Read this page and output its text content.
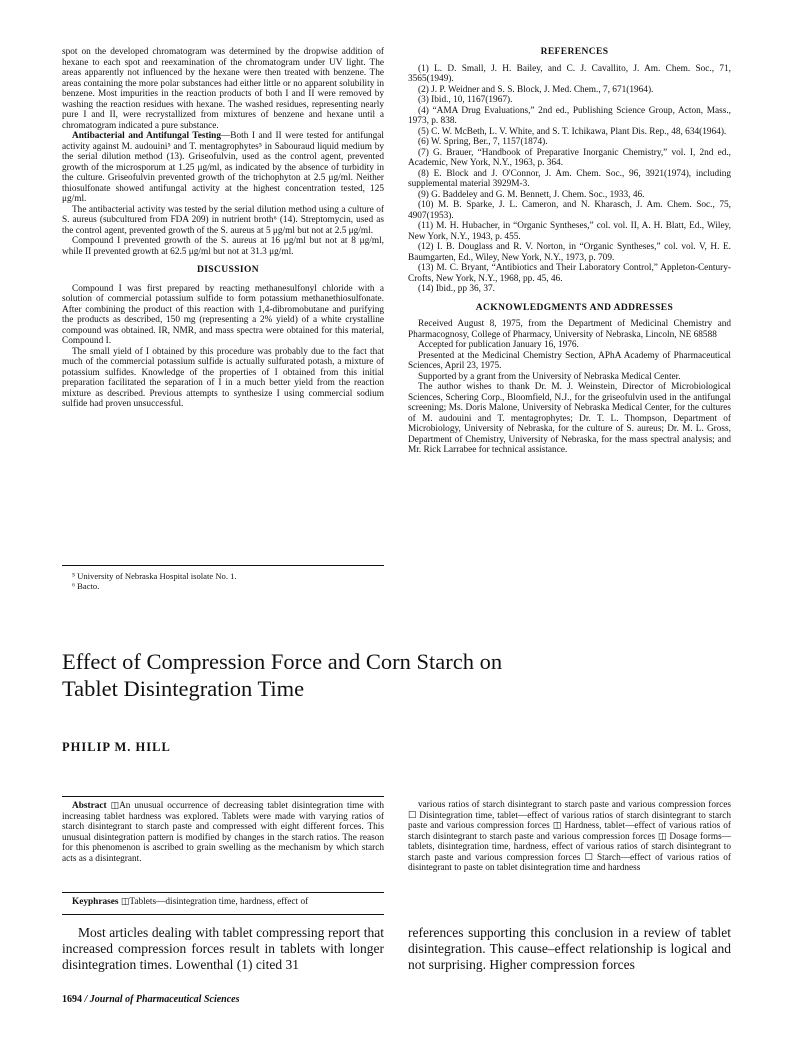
spot on the developed chromatogram was determined by the dropwise addition of hexane to each spot and reexamination of the chromatogram under UV light. The areas apparently not influenced by the hexane were then treated with benzene. The areas containing the more polar substances had either little or no apparent solubility in benzene. Most impurities in the reaction products of both I and II were removed by washing the reaction residues with hexane. The washed residues, representing nearly pure I and II, were recrystallized from mixtures of benzene and hexane until a chromatogram indicated a pure substance.

Antibacterial and Antifungal Testing—Both I and II were tested for antifungal activity against M. audouini⁵ and T. mentagrophytes⁵ in Sabouraud liquid medium by the serial dilution method (13). Griseofulvin, used as the control agent, prevented growth of the microsporum at 1.25 μg/ml, as indicated by the absence of turbidity in the culture. Griseofulvin prevented growth of the trichophyton at 2.5 μg/ml. Neither thiosulfonate showed antifungal activity at the highest concentration tested, 125 μg/ml.

The antibacterial activity was tested by the serial dilution method using a culture of S. aureus (subcultured from FDA 209) in nutrient broth⁶ (14). Streptomycin, used as the control agent, prevented growth of the S. aureus at 5 μg/ml but not at 2.5 μg/ml.

Compound I prevented growth of the S. aureus at 16 μg/ml but not at 8 μg/ml, while II prevented growth at 62.5 μg/ml but not at 31.3 μg/ml.

DISCUSSION

Compound I was first prepared by reacting methanesulfonyl chloride with a solution of commercial potassium sulfide to form potassium methanethiosulfonate. After combining the product of this reaction with 1,4-dibromobutane and purifying the products as described, 150 mg (representing a 2% yield) of a white crystalline compound was obtained. IR, NMR, and mass spectra were obtained for this material, Compound I.

The small yield of I obtained by this procedure was probably due to the fact that much of the commercial potassium sulfide is actually sulfurated potash, a mixture of potassium sulfides. Knowledge of the properties of I obtained from this initial preparation facilitated the separation of I in a much better yield from the reaction mixture as described. Previous attempts to synthesize I using commercial sodium sulfide had proven unsuccessful.

⁵ University of Nebraska Hospital isolate No. 1.

⁶ Bacto.

REFERENCES

(1) L. D. Small, J. H. Bailey, and C. J. Cavallito, J. Am. Chem. Soc., 71, 3565(1949).

(2) J. P. Weidner and S. S. Block, J. Med. Chem., 7, 671(1964).

(3) Ibid., 10, 1167(1967).

(4) “AMA Drug Evaluations,” 2nd ed., Publishing Science Group, Acton, Mass., 1973, p. 838.

(5) C. W. McBeth, L. V. White, and S. T. Ichikawa, Plant Dis. Rep., 48, 634(1964).

(6) W. Spring, Ber., 7, 1157(1874).

(7) G. Brauer, “Handbook of Preparative Inorganic Chemistry,” vol. I, 2nd ed., Academic, New York, N.Y., 1963, p. 364.

(8) E. Block and J. O'Connor, J. Am. Chem. Soc., 96, 3921(1974), including supplemental material 3929M-3.

(9) G. Baddeley and G. M. Bennett, J. Chem. Soc., 1933, 46.

(10) M. B. Sparke, J. L. Cameron, and N. Kharasch, J. Am. Chem. Soc., 75, 4907(1953).

(11) M. H. Hubacher, in “Organic Syntheses,” col. vol. II, A. H. Blatt, Ed., Wiley, New York, N.Y., 1943, p. 455.

(12) I. B. Douglass and R. V. Norton, in “Organic Syntheses,” col. vol. V, H. E. Baumgarten, Ed., Wiley, New York, N.Y., 1973, p. 709.

(13) M. C. Bryant, “Antibiotics and Their Laboratory Control,” Appleton-Century-Crofts, New York, N.Y., 1968, pp. 45, 46.

(14) Ibid., pp 36, 37.

ACKNOWLEDGMENTS AND ADDRESSES

Received August 8, 1975, from the Department of Medicinal Chemistry and Pharmacognosy, College of Pharmacy, University of Nebraska, Lincoln, NE 68588

Accepted for publication January 16, 1976.

Presented at the Medicinal Chemistry Section, APhA Academy of Pharmaceutical Sciences, April 23, 1975.

Supported by a grant from the University of Nebraska Medical Center.

The author wishes to thank Dr. M. J. Weinstein, Director of Microbiological Sciences, Schering Corp., Bloomfield, N.J., for the griseofulvin used in the antifungal screening; Ms. Doris Malone, University of Nebraska Medical Center, for the cultures of M. audouini and T. mentagrophytes; Dr. T. L. Thompson, Department of Microbiology, University of Nebraska, for the culture of S. aureus; Dr. M. L. Gross, Department of Chemistry, University of Nebraska, for the mass spectral analysis; and Mr. Rick Larrabee for technical assistance.

Effect of Compression Force and Corn Starch on
Tablet Disintegration Time

PHILIP M. HILL

Abstract ◫An unusual occurrence of decreasing tablet disintegration time with increasing tablet hardness was explored. Tablets were made with varying ratios of starch disintegrant to starch paste and compressed with eight different forces. This unusual disintegration pattern is modified by changes in the starch ratios. The reason for this phenomenon is ascribed to grain swelling as the mechanism by which starch acts as a disintegrant.

Keyphrases ◫Tablets—disintegration time, hardness, effect of

various ratios of starch disintegrant to starch paste and various compression forces ☐ Disintegration time, tablet—effect of various ratios of starch disintegrant to starch paste and various compression forces ◫ Hardness, tablet—effect of various ratios of starch disintegrant to starch paste and various compression forces ◫ Dosage forms—tablets, disintegration time, hardness, effect of various ratios of starch disintegrant to starch paste and various compression forces ☐ Starch—effect of various ratios of disintegrant to paste on tablet disintegration time and hardness

Most articles dealing with tablet compressing report that increased compression forces result in tablets with longer disintegration times. Lowenthal (1) cited 31

references supporting this conclusion in a review of tablet disintegration. This cause–effect relationship is logical and not surprising. Higher compression forces

1694 / Journal of Pharmaceutical Sciences
